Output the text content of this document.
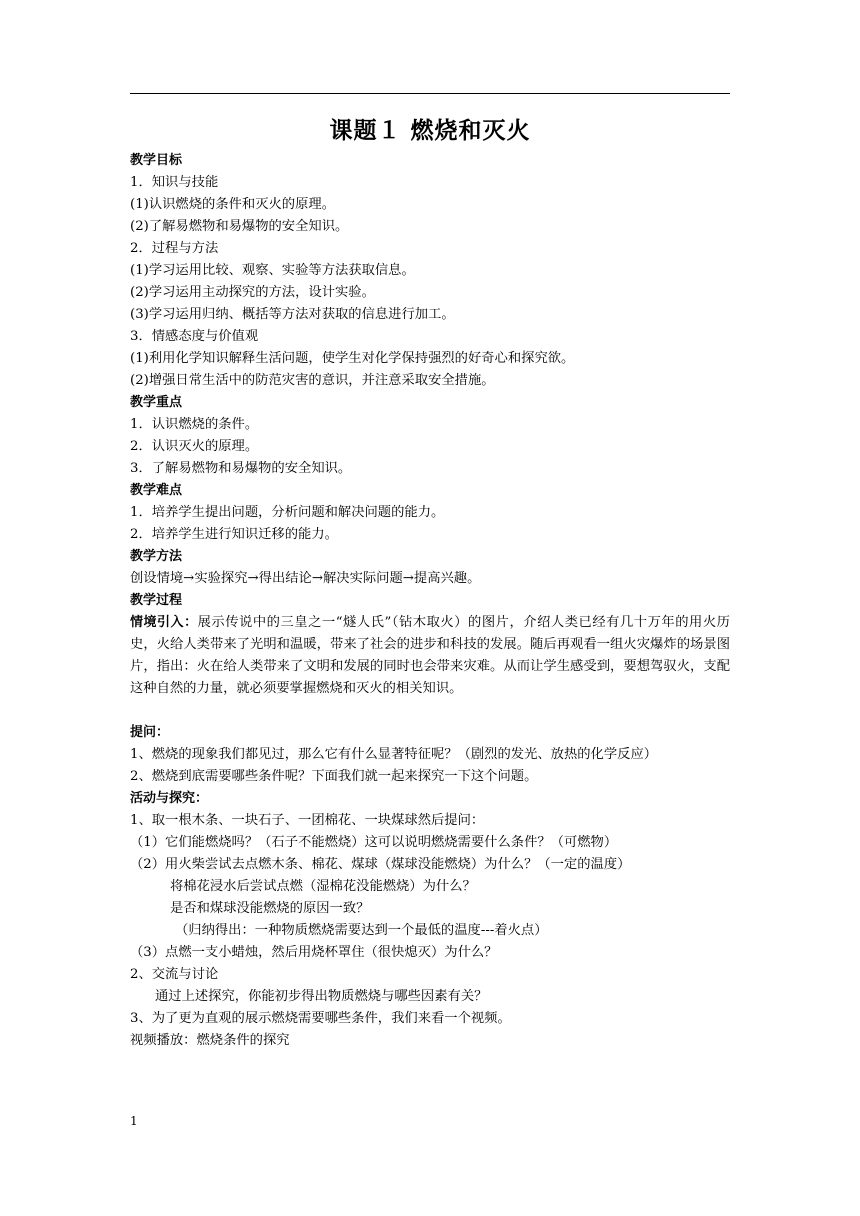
课题１ 燃烧和灭火
教学目标
1．知识与技能
(1)认识燃烧的条件和灭火的原理。
(2)了解易燃物和易爆物的安全知识。
2．过程与方法
(1)学习运用比较、观察、实验等方法获取信息。
(2)学习运用主动探究的方法，设计实验。
(3)学习运用归纳、概括等方法对获取的信息进行加工。
3．情感态度与价值观
(1)利用化学知识解释生活问题，使学生对化学保持强烈的好奇心和探究欲。
(2)增强日常生活中的防范灾害的意识，并注意采取安全措施。
教学重点
1．认识燃烧的条件。
2．认识灭火的原理。
3．了解易燃物和易爆物的安全知识。
教学难点
1．培养学生提出问题，分析问题和解决问题的能力。
2．培养学生进行知识迁移的能力。
教学方法
创设情境→实验探究→得出结论→解决实际问题→提高兴趣。
教学过程
情境引入：展示传说中的三皇之一“燧人氏”（钻木取火）的图片，介绍人类已经有几十万年的用火历史，火给人类带来了光明和温暖，带来了社会的进步和科技的发展。随后再观看一组火灾爆炸的场景图片，指出：火在给人类带来了文明和发展的同时也会带来灾难。从而让学生感受到，要想驾驭火，支配这种自然的力量，就必须要掌握燃烧和灭火的相关知识。
提问：
1、燃烧的现象我们都见过，那么它有什么显著特征呢？（剧烈的发光、放热的化学反应）
2、燃烧到底需要哪些条件呢？下面我们就一起来探究一下这个问题。
活动与探究：
1、取一根木条、一块石子、一团棉花、一块煤球然后提问：
（1）它们能燃烧吗？（石子不能燃烧）这可以说明燃烧需要什么条件？（可燃物）
（2）用火柴尝试去点燃木条、棉花、煤球（煤球没能燃烧）为什么？（一定的温度）
将棉花浸水后尝试点燃（湿棉花没能燃烧）为什么？
是否和煤球没能燃烧的原因一致？
（归纳得出：一种物质燃烧需要达到一个最低的温度---着火点）
（3）点燃一支小蜡烛，然后用烧杯罩住（很快熄灭）为什么？
2、交流与讨论
通过上述探究，你能初步得出物质燃烧与哪些因素有关？
3、为了更为直观的展示燃烧需要哪些条件，我们来看一个视频。
视频播放：燃烧条件的探究
1
